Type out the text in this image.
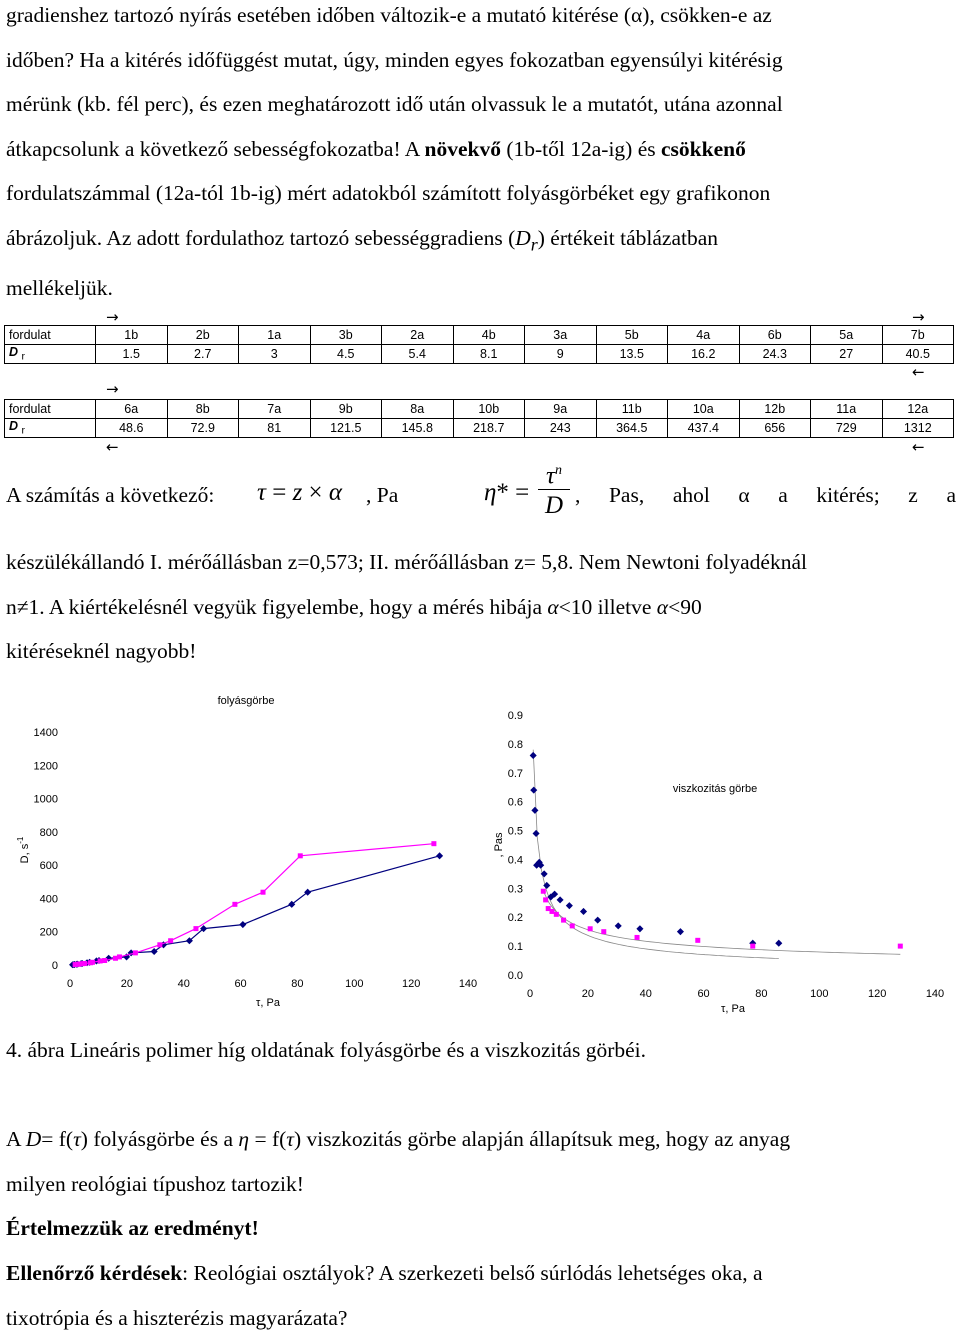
gradienshez tartozó nyírás esetében időben változik-e a mutató kitérése (α), csökken-e az

időben? Ha a kitérés időfüggést mutat, úgy, minden egyes fokozatban egyensúlyi kitérésig

mérünk (kb. fél perc), és ezen meghatározott idő után olvassuk le a mutatót, utána azonnal

átkapcsolunk a következő sebességfokozatba! A növekvő (1b-től 12a-ig) és csökkenő

fordulatszámmal (12a-tól 1b-ig) mért adatokból számított folyásgörbéket egy grafikonon

ábrázoljuk. Az adott fordulathoz tartozó sebességgradiens $(D_r)$ értékeit táblázatban

mellékeljük.

→	→
fordulat	1b	2b	1a	3b	2a	4b	3a	5b	4a	6b	5a	7b
D $_r$	1.5	2.7	3	4.5	5.4	8.1	9	13.5	16.2	24.3	27	40.5
←
→
fordulat	6a	8b	7a	9b	8a	10b	9a	11b	10a	12b	11a	12a
D $_r$	48.6	72.9	81	121.5	145.8	218.7	243	364.5	437.4	656	729	1312
←	←
A számítás a következő: τ = z × α , Pa	η* =
$\tau^n$
D , Pas, ahol α a kitérés; z a

készülékállandó I. mérőállásban z=0,573; II. mérőállásban z= 5,8. Nem Newtoni folyadéknál

n≠1. A kiértékelésnél vegyük figyelembe, hogy a mérés hibája α<10 illetve α<90

kitéréseknél nagyobb!

folyásgörbe
0
200
400
600
800
1000
1200
1400
0	20	40	60	80	100	120	140
τ, Pa
D, $s^{-1}$
viszkozitás görbe
0.0
0.1
0.2
0.3
0.4
0.5
0.6
0.7
0.8
0.9
0	20	40	60	80	100	120	140
τ, Pa
, Pas
4. ábra Lineáris polimer híg oldatának folyásgörbe és a viszkozitás görbéi.

A D= f(τ) folyásgörbe és a η = f(τ) viszkozitás görbe alapján állapítsuk meg, hogy az anyag

milyen reológiai típushoz tartozik!

Értelmezzük az eredményt!

Ellenőrző kérdések: Reológiai osztályok? A szerkezeti belső súrlódás lehetséges oka, a

tixotrópia és a hiszterézis magyarázata?
